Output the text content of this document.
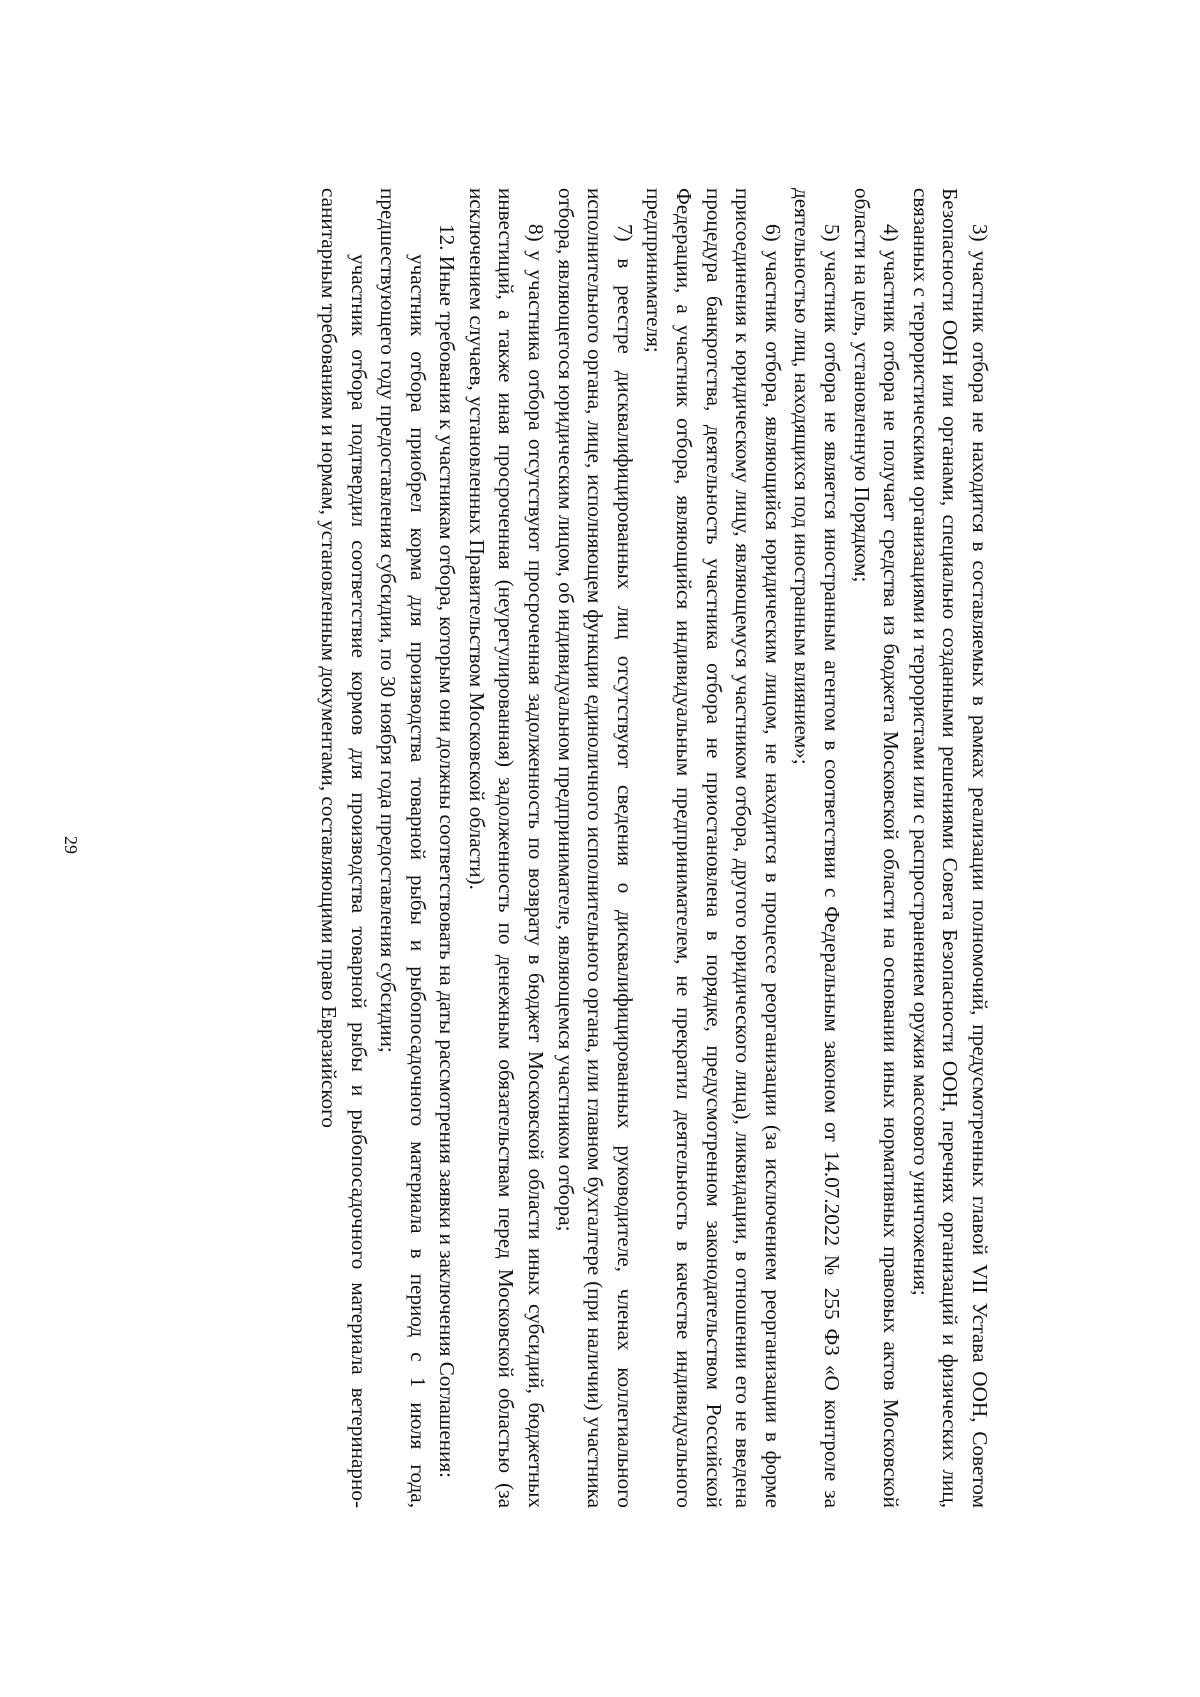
29	3) участник отбора не находится в составляемых в рамках реализации полномочий, предусмотренных главой VII Устава ООН, Советом Безопасности ООН или органами, специально созданными решениями Совета Безопасности ООН, перечнях организаций и физических лиц, связанных с террористическими организациями и террористами или с распространением оружия массового уничтожения;

4) участник отбора не получает средства из бюджета Московской области на основании иных нормативных правовых актов Московской области на цель, установленную Порядком;

5) участник отбора не является иностранным агентом в соответствии с Федеральным законом от 14.07.2022 № 255 ФЗ «О контроле за деятельностью лиц, находящихся под иностранным влиянием»;

6) участник отбора, являющийся юридическим лицом, не находится в процессе реорганизации (за исключением реорганизации в форме присоединения к юридическому лицу, являющемуся участником отбора, другого юридического лица), ликвидации, в отношении его не введена процедура банкротства, деятельность участника отбора не приостановлена в порядке, предусмотренном законодательством Российской Федерации, а участник отбора, являющийся индивидуальным предпринимателем, не прекратил деятельность в качестве индивидуального предпринимателя;

7) в реестре дисквалифицированных лиц отсутствуют сведения о дисквалифицированных руководителе, членах коллегиального исполнительного органа, лице, исполняющем функции единоличного исполнительного органа, или главном бухгалтере (при наличии) участника отбора, являющегося юридическим лицом, об индивидуальном предпринимателе, являющемся участником отбора;

8) у участника отбора отсутствуют просроченная задолженность по возврату в бюджет Московской области иных субсидий, бюджетных инвестиций, а также иная просроченная (неурегулированная) задолженность по денежным обязательствам перед Московской областью (за исключением случаев, установленных Правительством Московской области).

12. Иные требования к участникам отбора, которым они должны соответствовать на даты рассмотрения заявки и заключения Соглашения:

участник отбора приобрел корма для производства товарной рыбы и рыбопосадочного материала в период с 1 июля года, предшествующего году предоставления субсидии, по 30 ноября года предоставления субсидии;

участник отбора подтвердил соответствие кормов для производства товарной рыбы и рыбопосадочного материала ветеринарно-санитарным требованиям и нормам, установленным документами, составляющими право Евразийского
